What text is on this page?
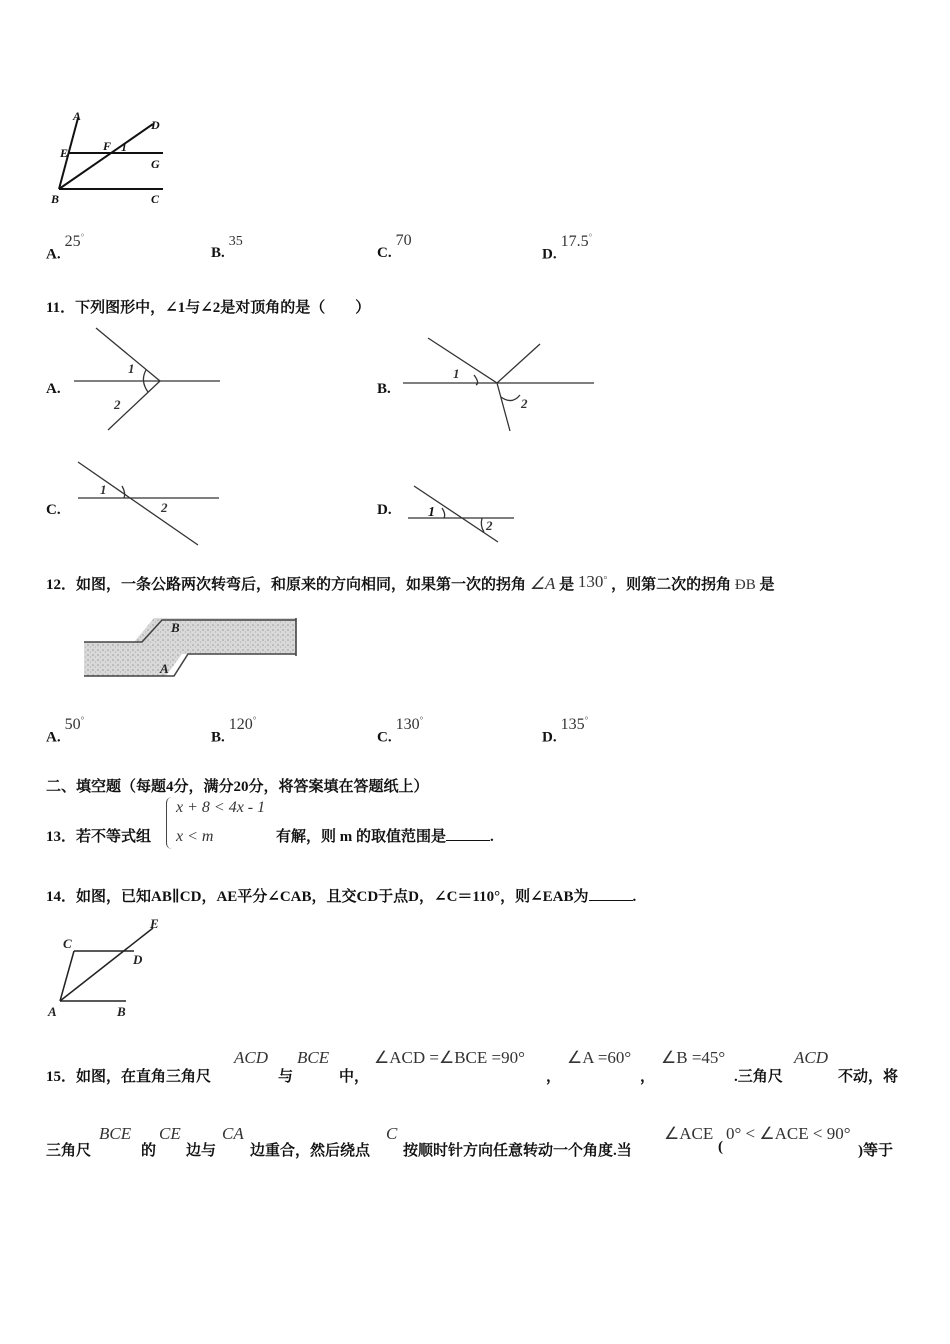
A
D
E	F 1
G
B	C
A. 25°
B. 35
C. 70
D. 17.5°
11．下列图形中，∠1与∠2是对顶角的是（　　）
A.
1
2
B.
1
2
C.
1
2	D.	1
2
12．如图，一条公路两次转弯后，和原来的方向相同，如果第一次的拐角 ∠A 是 130° ，则第二次的拐角 ÐB 是
B
A
A. 50°
B. 120°
C. 130°
D. 135°
二、填空题（每题4分，满分20分，将答案填在答题纸上）
13．若不等式组
x + 8 < 4x - 1
x < m	有解，则 m 的取值范围是	.
14．如图，已知AB∥CD，AE平分∠CAB，且交CD于点D，∠C＝110°，则∠EAB为	.
C
E
D
A	B
15．如图，在直角三角尺
ACD
与
BCE
中，
∠ACD =∠BCE =90°
，
∠A =60°
，
∠B =45°
.三角尺
ACD
不动，将
三角尺
BCE
的
CE
边与
CA
边重合，然后绕点
C
按顺时针方向任意转动一个角度.当
∠ACE
(
0° < ∠ACE < 90°
)等于
